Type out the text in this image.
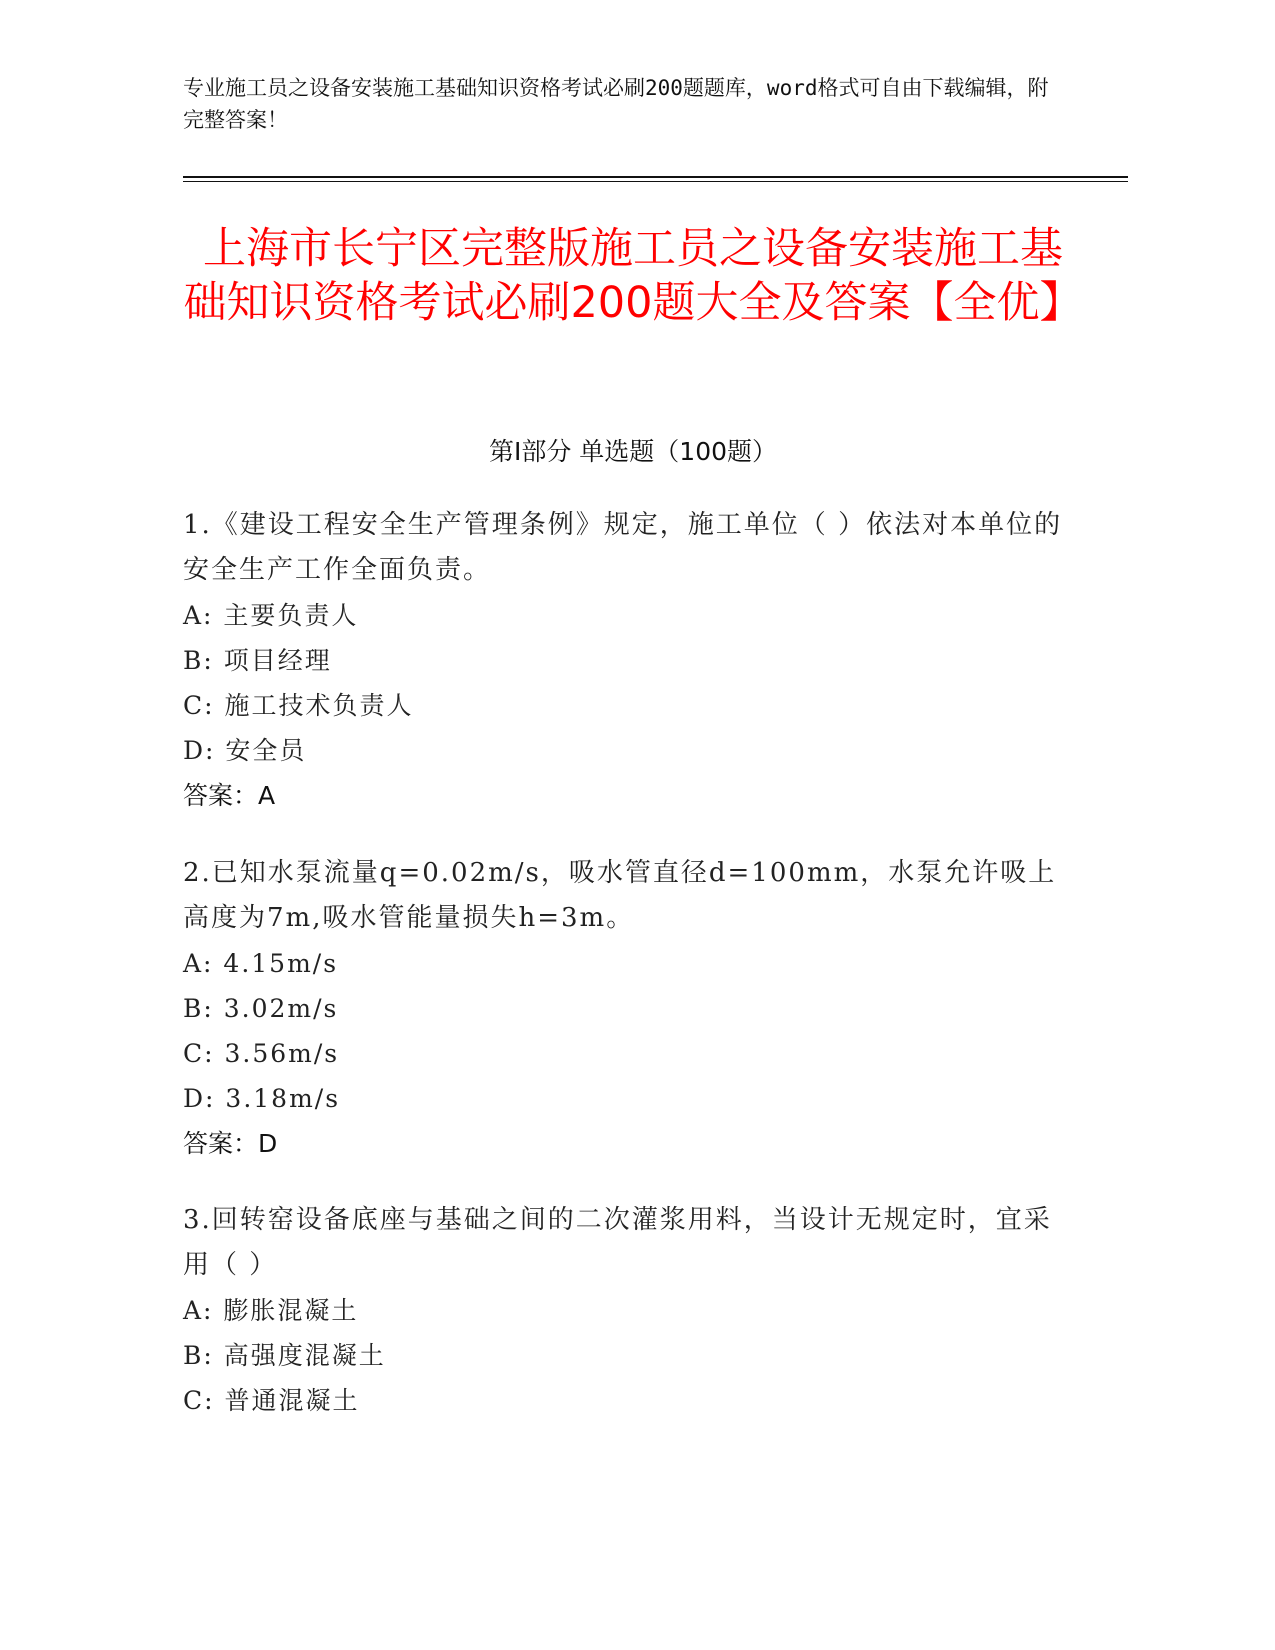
专业施工员之设备安装施工基础知识资格考试必刷200题题库，word格式可自由下载编辑，附完整答案！
上海市长宁区完整版施工员之设备安装施工基础知识资格考试必刷200题大全及答案【全优】
第I部分 单选题（100题）
1.《建设工程安全生产管理条例》规定，施工单位（ ）依法对本单位的安全生产工作全面负责。
A: 主要负责人
B: 项目经理
C: 施工技术负责人
D: 安全员
答案：A
2.已知水泵流量q=0.02m/s，吸水管直径d=100mm，水泵允许吸上高度为7m,吸水管能量损失h=3m。
A: 4.15m/s
B: 3.02m/s
C: 3.56m/s
D: 3.18m/s
答案：D
3.回转窑设备底座与基础之间的二次灌浆用料，当设计无规定时，宜采用（ ）
A: 膨胀混凝土
B: 高强度混凝土
C: 普通混凝土
